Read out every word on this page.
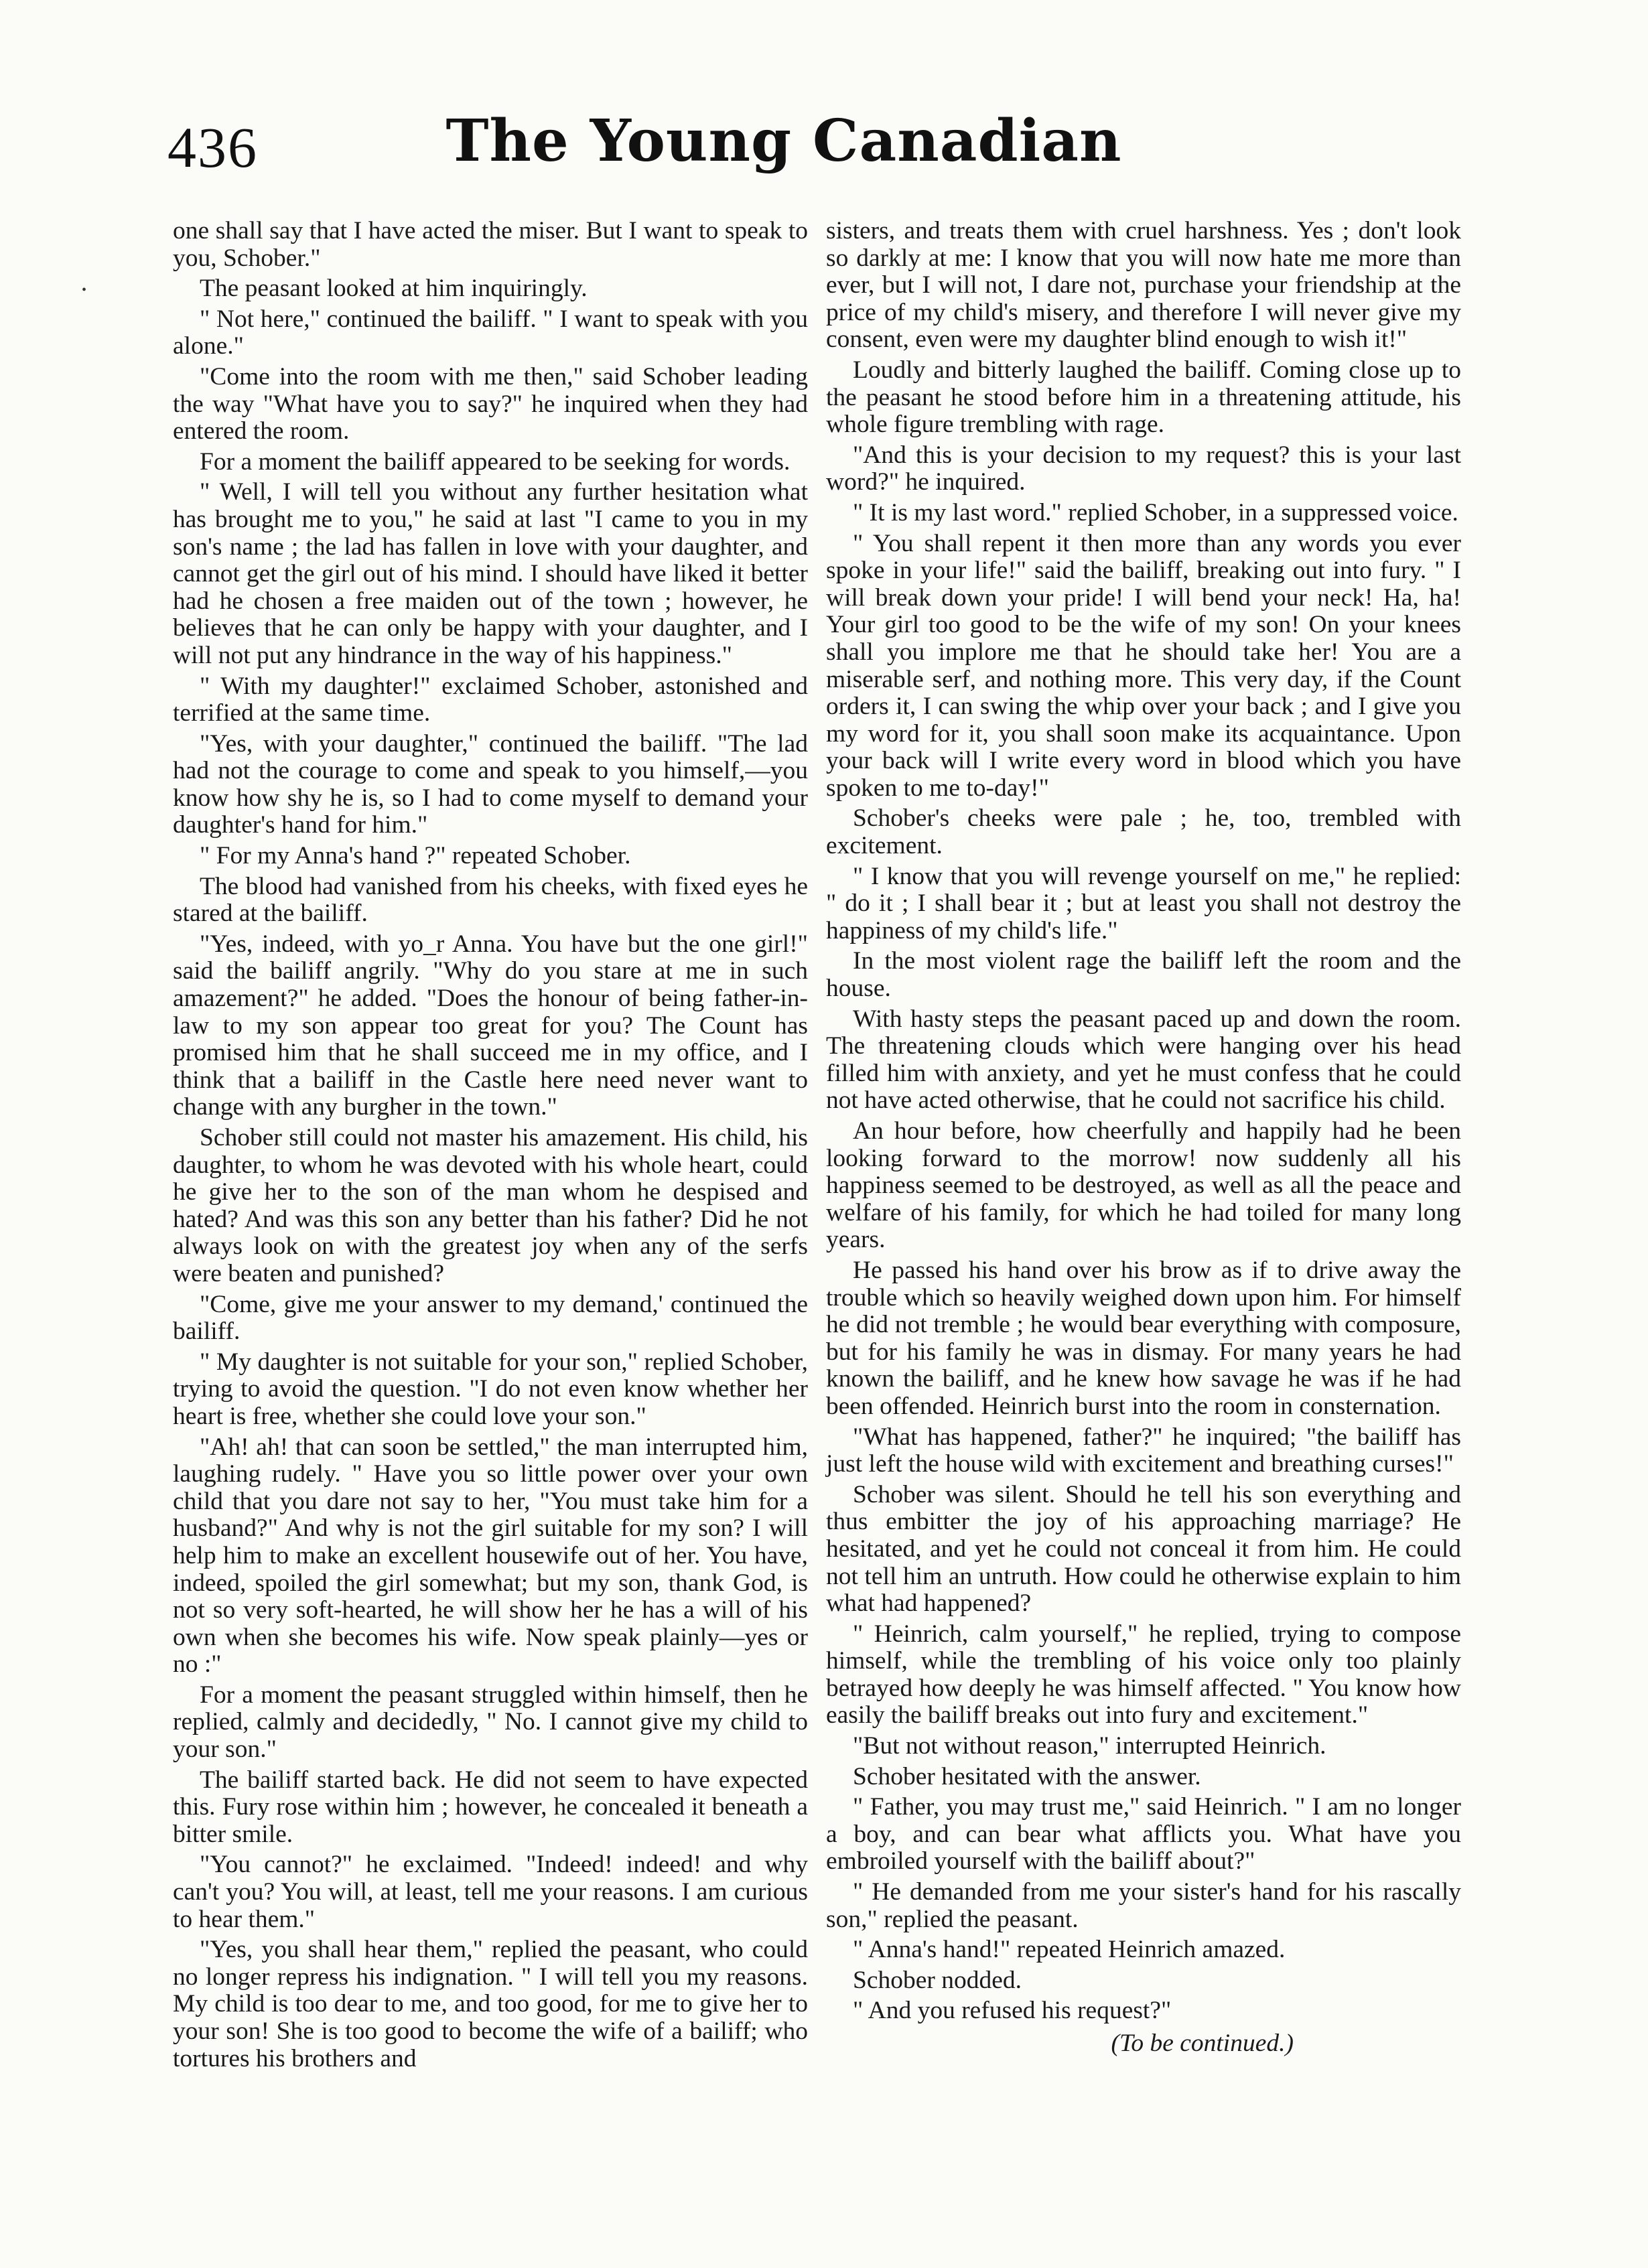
436	The Young Canadian

one shall say that I have acted the miser. But I want to speak to you, Schober."

The peasant looked at him inquiringly.

" Not here," continued the bailiff. " I want to speak with you alone."

"Come into the room with me then," said Schober leading the way "What have you to say?" he inquired when they had entered the room.

For a moment the bailiff appeared to be seeking for words.

" Well, I will tell you without any further hesitation what has brought me to you," he said at last "I came to you in my son's name ; the lad has fallen in love with your daughter, and cannot get the girl out of his mind. I should have liked it better had he chosen a free maiden out of the town ; however, he believes that he can only be happy with your daughter, and I will not put any hindrance in the way of his happiness."

" With my daughter!" exclaimed Schober, astonished and terrified at the same time.

"Yes, with your daughter," continued the bailiff. "The lad had not the courage to come and speak to you himself,—you know how shy he is, so I had to come myself to demand your daughter's hand for him."

" For my Anna's hand ?" repeated Schober.

The blood had vanished from his cheeks, with fixed eyes he stared at the bailiff.

"Yes, indeed, with yo_r Anna. You have but the one girl!" said the bailiff angrily. "Why do you stare at me in such amazement?" he added. "Does the honour of being father-in-law to my son appear too great for you? The Count has promised him that he shall succeed me in my office, and I think that a bailiff in the Castle here need never want to change with any burgher in the town."

Schober still could not master his amazement. His child, his daughter, to whom he was devoted with his whole heart, could he give her to the son of the man whom he despised and hated? And was this son any better than his father? Did he not always look on with the greatest joy when any of the serfs were beaten and punished?

"Come, give me your answer to my demand,' continued the bailiff.

" My daughter is not suitable for your son," replied Schober, trying to avoid the question. "I do not even know whether her heart is free, whether she could love your son."

"Ah! ah! that can soon be settled," the man interrupted him, laughing rudely. " Have you so little power over your own child that you dare not say to her, "You must take him for a husband?" And why is not the girl suitable for my son? I will help him to make an excellent housewife out of her. You have, indeed, spoiled the girl somewhat; but my son, thank God, is not so very soft-hearted, he will show her he has a will of his own when she becomes his wife. Now speak plainly—yes or no :"

For a moment the peasant struggled within himself, then he replied, calmly and decidedly, " No. I cannot give my child to your son."

The bailiff started back. He did not seem to have expected this. Fury rose within him ; however, he concealed it beneath a bitter smile.

"You cannot?" he exclaimed. "Indeed! indeed! and why can't you? You will, at least, tell me your reasons. I am curious to hear them."

"Yes, you shall hear them," replied the peasant, who could no longer repress his indignation. " I will tell you my reasons. My child is too dear to me, and too good, for me to give her to your son! She is too good to become the wife of a bailiff; who tortures his brothers and

sisters, and treats them with cruel harshness. Yes ; don't look so darkly at me: I know that you will now hate me more than ever, but I will not, I dare not, purchase your friendship at the price of my child's misery, and therefore I will never give my consent, even were my daughter blind enough to wish it!"

Loudly and bitterly laughed the bailiff. Coming close up to the peasant he stood before him in a threatening attitude, his whole figure trembling with rage.

"And this is your decision to my request? this is your last word?" he inquired.

" It is my last word." replied Schober, in a suppressed voice.

" You shall repent it then more than any words you ever spoke in your life!" said the bailiff, breaking out into fury. " I will break down your pride! I will bend your neck! Ha, ha! Your girl too good to be the wife of my son! On your knees shall you implore me that he should take her! You are a miserable serf, and nothing more. This very day, if the Count orders it, I can swing the whip over your back ; and I give you my word for it, you shall soon make its acquaintance. Upon your back will I write every word in blood which you have spoken to me to-day!"

Schober's cheeks were pale ; he, too, trembled with excitement.

" I know that you will revenge yourself on me," he replied: " do it ; I shall bear it ; but at least you shall not destroy the happiness of my child's life."

In the most violent rage the bailiff left the room and the house.

With hasty steps the peasant paced up and down the room. The threatening clouds which were hanging over his head filled him with anxiety, and yet he must confess that he could not have acted otherwise, that he could not sacrifice his child.

An hour before, how cheerfully and happily had he been looking forward to the morrow! now suddenly all his happiness seemed to be destroyed, as well as all the peace and welfare of his family, for which he had toiled for many long years.

He passed his hand over his brow as if to drive away the trouble which so heavily weighed down upon him. For himself he did not tremble ; he would bear everything with composure, but for his family he was in dismay. For many years he had known the bailiff, and he knew how savage he was if he had been offended. Heinrich burst into the room in consternation.

"What has happened, father?" he inquired; "the bailiff has just left the house wild with excitement and breathing curses!"

Schober was silent. Should he tell his son everything and thus embitter the joy of his approaching marriage? He hesitated, and yet he could not conceal it from him. He could not tell him an untruth. How could he otherwise explain to him what had happened?

" Heinrich, calm yourself," he replied, trying to compose himself, while the trembling of his voice only too plainly betrayed how deeply he was himself affected. " You know how easily the bailiff breaks out into fury and excitement."

"But not without reason," interrupted Heinrich.

Schober hesitated with the answer.

" Father, you may trust me," said Heinrich. " I am no longer a boy, and can bear what afflicts you. What have you embroiled yourself with the bailiff about?"

" He demanded from me your sister's hand for his rascally son," replied the peasant.

" Anna's hand!" repeated Heinrich amazed.

Schober nodded.

" And you refused his request?"

(To be continued.)
•
